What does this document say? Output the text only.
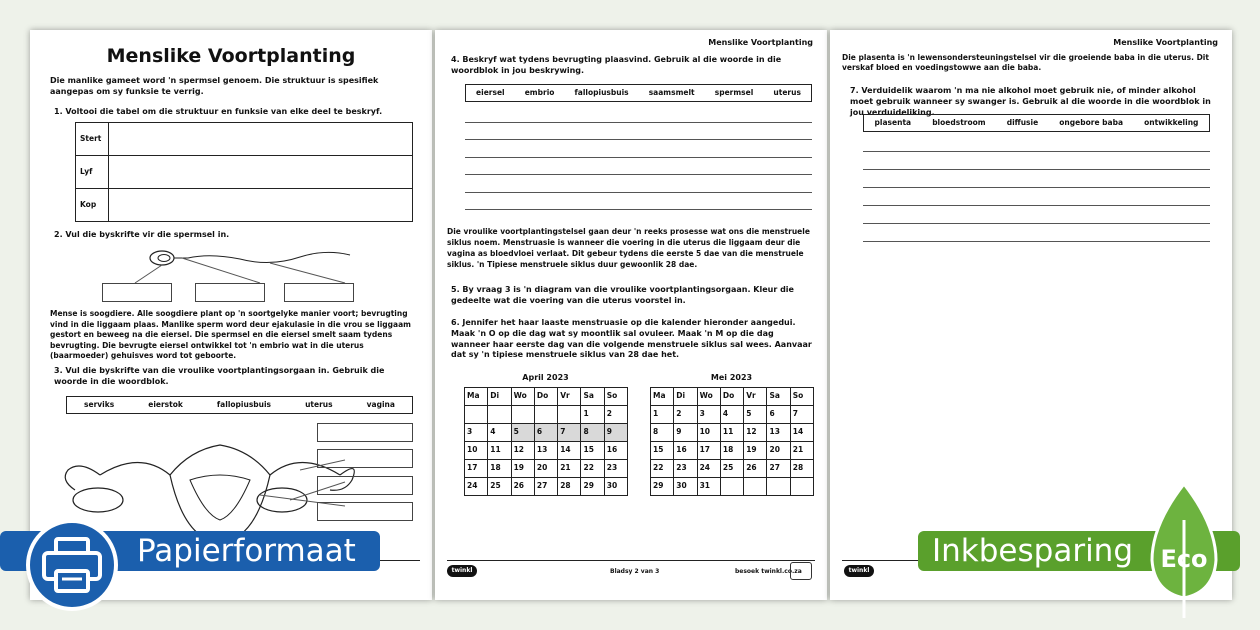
Menslike Voortplanting
Die manlike gameet word 'n spermsel genoem. Die struktuur is spesifiek aangepas om sy funksie te verrig.
1. Voltooi die tabel om die struktuur en funksie van elke deel te beskryf.
Stert	
Lyf	
Kop	
2. Vul die byskrifte vir die spermsel in.
Mense is soogdiere. Alle soogdiere plant op 'n soortgelyke manier voort; bevrugting vind in die liggaam plaas. Manlike sperm word deur ejakulasie in die vrou se liggaam gestort en beweeg na die eiersel. Die spermsel en die eiersel smelt saam tydens bevrugting. Die bevrugte eiersel ontwikkel tot 'n embrio wat in die uterus (baarmoeder) gehuisves word tot geboorte.
3. Vul die byskrifte van die vroulike voortplantingsorgaan in. Gebruik die woorde in die woordblok.
serviks	eierstok	fallopiusbuis	uterus	vagina
Menslike Voortplanting
4. Beskryf wat tydens bevrugting plaasvind. Gebruik al die woorde in die woordblok in jou beskrywing.
eiersel	embrio	fallopiusbuis	saamsmelt	spermsel	uterus
Die vroulike voortplantingstelsel gaan deur 'n reeks prosesse wat ons die menstruele siklus noem. Menstruasie is wanneer die voering in die uterus die liggaam deur die vagina as bloedvloei verlaat. Dit gebeur tydens die eerste 5 dae van die menstruele siklus. 'n Tipiese menstruele siklus duur gewoonlik 28 dae.
5. By vraag 3 is 'n diagram van die vroulike voortplantingsorgaan. Kleur die gedeelte wat die voering van die uterus voorstel in.
6. Jennifer het haar laaste menstruasie op die kalender hieronder aangedui. Maak 'n O op die dag wat sy moontlik sal ovuleer. Maak 'n M op die dag wanneer haar eerste dag van die volgende menstruele siklus sal wees. Aanvaar dat sy 'n tipiese menstruele siklus van 28 dae het.
April 2023
Ma	Di	Wo	Do	Vr	Sa	So
					1	2
3	4	5	6	7	8	9
10	11	12	13	14	15	16
17	18	19	20	21	22	23
24	25	26	27	28	29	30
Mei 2023
Ma	Di	Wo	Do	Vr	Sa	So
1	2	3	4	5	6	7
8	9	10	11	12	13	14
15	16	17	18	19	20	21
22	23	24	25	26	27	28
29	30	31				
twinkl	Bladsy 2 van 3	besoek twinkl.co.za
Menslike Voortplanting
Die plasenta is 'n lewensondersteuningstelsel vir die groeiende baba in die uterus. Dit verskaf bloed en voedingstowwe aan die baba.
7. Verduidelik waarom 'n ma nie alkohol moet gebruik nie, of minder alkohol moet gebruik wanneer sy swanger is. Gebruik al die woorde in die woordblok in jou verduideliking.
plasenta	bloedstroom	diffusie	ongebore baba	ontwikkeling
twinkl
Papierformaat	Inkbesparing	Eco
